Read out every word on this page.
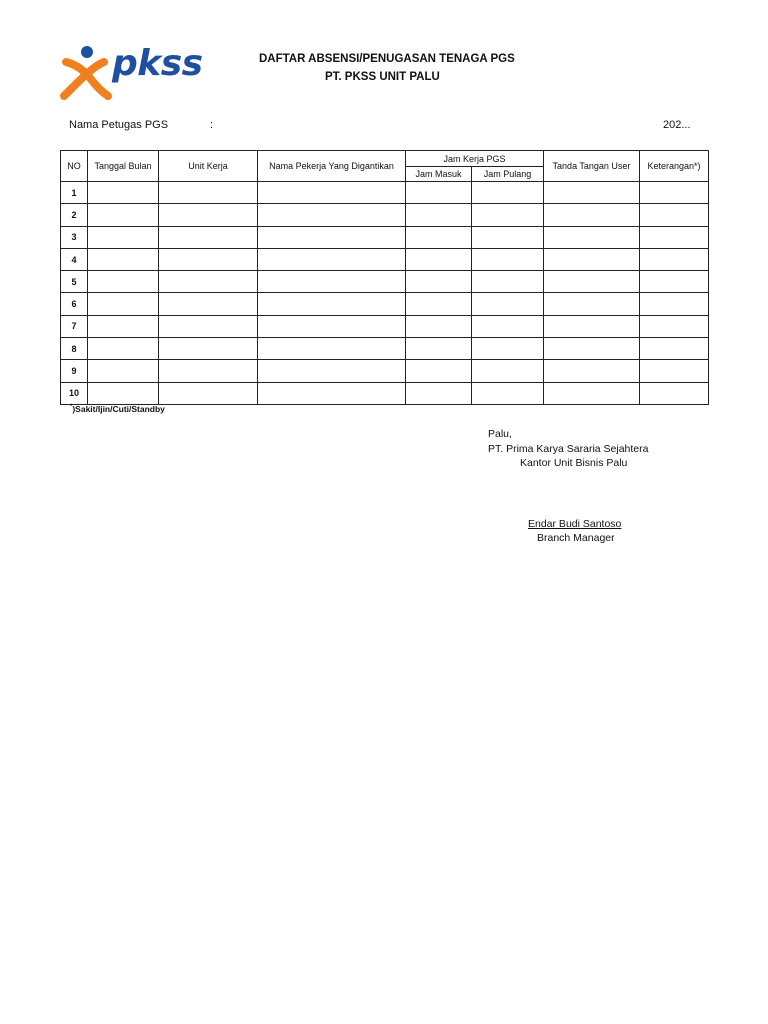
pkss	DAFTAR ABSENSI/PENUGASAN TENAGA PGS
PT. PKSS UNIT PALU
Nama Petugas PGS	:	202...
NO	Tanggal Bulan	Unit Kerja	Nama Pekerja Yang Digantikan	Jam Kerja PGS		Tanda Tangan User	Keterangan*)
				Jam Masuk	Jam Pulang		
1							
2							
3							
4							
5							
6							
7							
8							
9							
10							
*)Sakit/Ijin/Cuti/Standby
Palu,
PT. Prima Karya Sararia Sejahtera
Kantor Unit Bisnis Palu
Endar Budi Santoso
Branch Manager
